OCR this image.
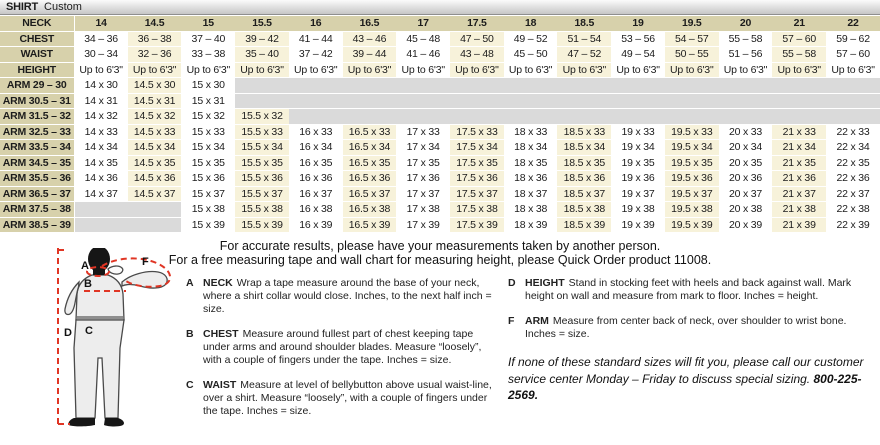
SHIRT Custom
NECK	14	14.5	15	15.5	16	16.5	17	17.5	18	18.5	19	19.5	20	21	22
CHEST	34 – 36	36 – 38	37 – 40	39 – 42	41 – 44	43 – 46	45 – 48	47 – 50	49 – 52	51 – 54	53 – 56	54 – 57	55 – 58	57 – 60	59 – 62
WAIST	30 – 34	32 – 36	33 – 38	35 – 40	37 – 42	39 – 44	41 – 46	43 – 48	45 – 50	47 – 52	49 – 54	50 – 55	51 – 56	55 – 58	57 – 60
HEIGHT	Up to 6'3"	Up to 6'3"	Up to 6'3"	Up to 6'3"	Up to 6'3"	Up to 6'3"	Up to 6'3"	Up to 6'3"	Up to 6'3"	Up to 6'3"	Up to 6'3"	Up to 6'3"	Up to 6'3"	Up to 6'3"	Up to 6'3"
ARM 29 – 30	14 x 30	14.5 x 30	15 x 30												
ARM 30.5 – 31	14 x 31	14.5 x 31	15 x 31												
ARM 31.5 – 32	14 x 32	14.5 x 32	15 x 32	15.5 x 32											
ARM 32.5 – 33	14 x 33	14.5 x 33	15 x 33	15.5 x 33	16 x 33	16.5 x 33	17 x 33	17.5 x 33	18 x 33	18.5 x 33	19 x 33	19.5 x 33	20 x 33	21 x 33	22 x 33
ARM 33.5 – 34	14 x 34	14.5 x 34	15 x 34	15.5 x 34	16 x 34	16.5 x 34	17 x 34	17.5 x 34	18 x 34	18.5 x 34	19 x 34	19.5 x 34	20 x 34	21 x 34	22 x 34
ARM 34.5 – 35	14 x 35	14.5 x 35	15 x 35	15.5 x 35	16 x 35	16.5 x 35	17 x 35	17.5 x 35	18 x 35	18.5 x 35	19 x 35	19.5 x 35	20 x 35	21 x 35	22 x 35
ARM 35.5 – 36	14 x 36	14.5 x 36	15 x 36	15.5 x 36	16 x 36	16.5 x 36	17 x 36	17.5 x 36	18 x 36	18.5 x 36	19 x 36	19.5 x 36	20 x 36	21 x 36	22 x 36
ARM 36.5 – 37	14 x 37	14.5 x 37	15 x 37	15.5 x 37	16 x 37	16.5 x 37	17 x 37	17.5 x 37	18 x 37	18.5 x 37	19 x 37	19.5 x 37	20 x 37	21 x 37	22 x 37
ARM 37.5 – 38			15 x 38	15.5 x 38	16 x 38	16.5 x 38	17 x 38	17.5 x 38	18 x 38	18.5 x 38	19 x 38	19.5 x 38	20 x 38	21 x 38	22 x 38
ARM 38.5 – 39			15 x 39	15.5 x 39	16 x 39	16.5 x 39	17 x 39	17.5 x 39	18 x 39	18.5 x 39	19 x 39	19.5 x 39	20 x 39	21 x 39	22 x 39
For accurate results, please have your measurements taken by another person.
For a free measuring tape and wall chart for measuring height, please Quick Order product 11008.
A
B
C
D
F
A NECK Wrap a tape measure around the base of your neck, where a shirt collar would close. Inches, to the next half inch = size.
B CHEST Measure around fullest part of chest keeping tape under arms and around shoulder blades. Measure “loosely”, with a couple of fingers under the tape. Inches = size.
C WAIST Measure at level of bellybutton above usual waist-line, over a shirt. Measure “loosely”, with a couple of fingers under the tape. Inches = size.
D HEIGHT Stand in stocking feet with heels and back against wall. Mark height on wall and measure from mark to floor. Inches = height.
F	ARM Measure from center back of neck, over shoulder to wrist bone. Inches = size.
If none of these standard sizes will fit you, please call our customer service center Monday – Friday to discuss special sizing. 800-225-2569.
